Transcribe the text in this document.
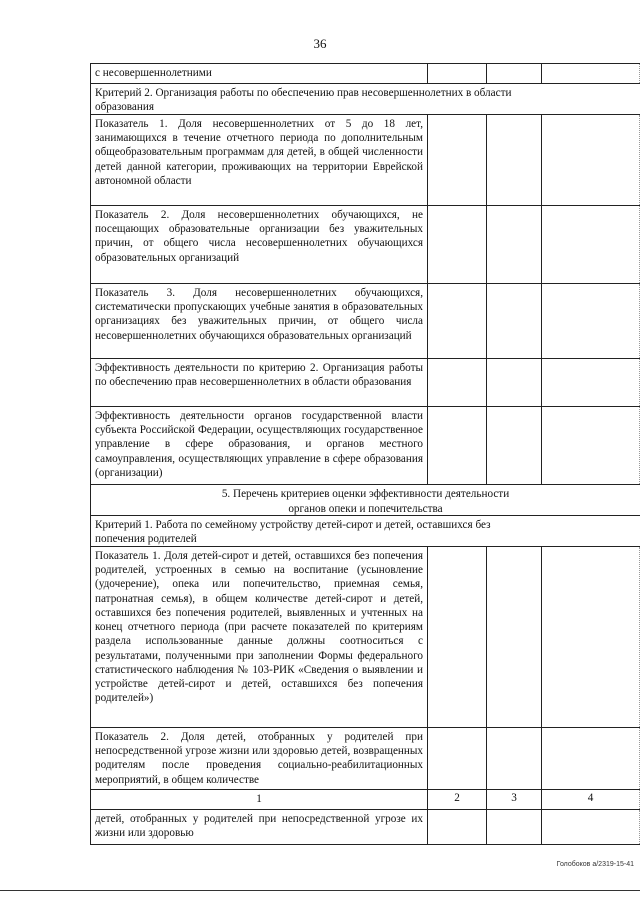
36
с несовершеннолетними
Критерий 2. Организация работы по обеспечению прав несовершеннолетних в области
образования
Показатель 1. Доля несовершеннолетних от 5 до 18 лет, занимающихся в течение отчетного периода по дополнительным общеобразовательным программам для детей, в общей численности детей данной категории, проживающих на территории Еврейской автономной области
Показатель 2. Доля несовершеннолетних обучающихся, не посещающих образовательные организации без уважительных причин, от общего числа несовершеннолетних обучающихся образовательных организаций
Показатель 3. Доля несовершеннолетних обучающихся, систематически пропускающих учебные занятия в образовательных организациях без уважительных причин, от общего числа несовершеннолетних обучающихся образовательных организаций
Эффективность деятельности по критерию 2. Организация работы по обеспечению прав несовершеннолетних в области образования
Эффективность деятельности органов государственной власти субъекта Российской Федерации, осуществляющих государственное управление в сфере образования, и органов местного самоуправления, осуществляющих управление в сфере образования (организации)
5. Перечень критериев оценки эффективности деятельности
органов опеки и попечительства
Критерий 1. Работа по семейному устройству детей-сирот и детей, оставшихся без
попечения родителей
Показатель 1. Доля детей-сирот и детей, оставшихся без попечения родителей, устроенных в семью на воспитание (усыновление (удочерение), опека или попечительство, приемная семья, патронатная семья), в общем количестве детей-сирот и детей, оставшихся без попечения родителей, выявленных и учтенных на конец отчетного периода (при расчете показателей по критериям раздела использованные данные должны соотноситься с результатами, полученными при заполнении Формы федерального статистического наблюдения № 103-РИК «Сведения о выявлении и устройстве детей-сирот и детей, оставшихся без попечения родителей»)
Показатель 2. Доля детей, отобранных у родителей при непосредственной угрозе жизни или здоровью детей, возвращенных родителям после проведения социально-реабилитационных мероприятий, в общем количестве
1	2	3	4
детей, отобранных у родителей при непосредственной угрозе их жизни или здоровью
Голобоков а/2319-15-41
